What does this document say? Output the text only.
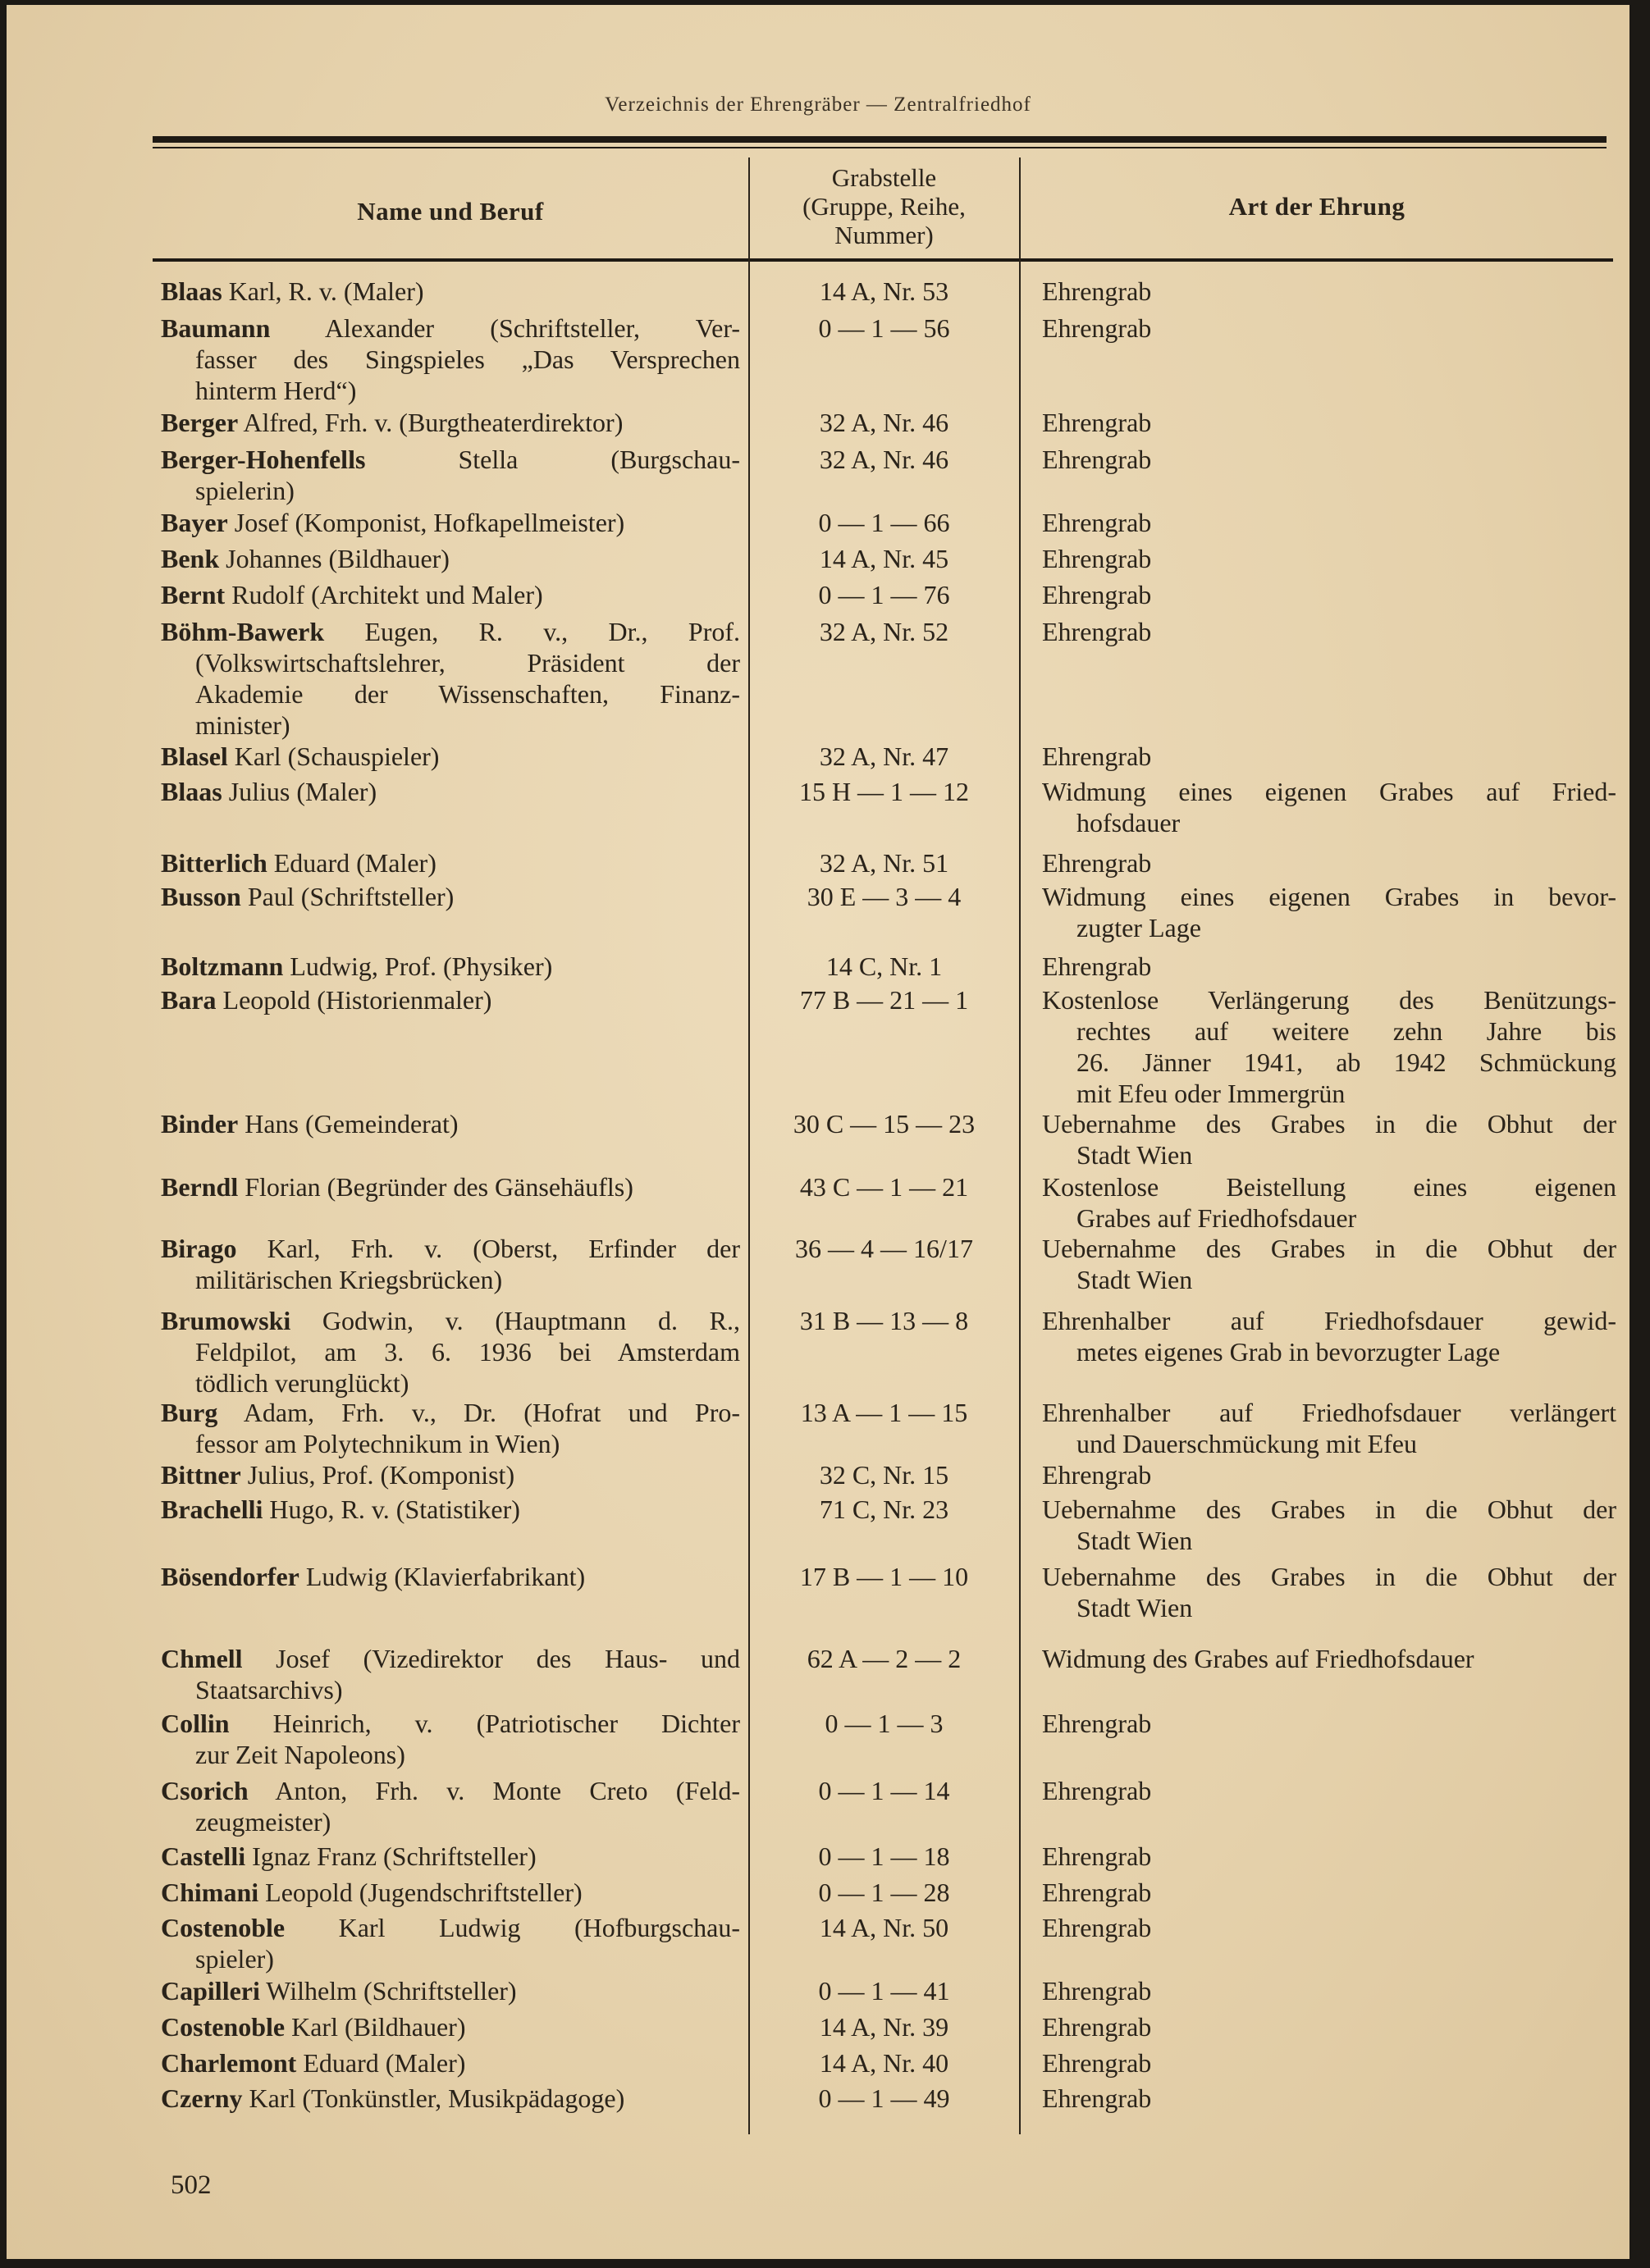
Verzeichnis der Ehrengräber — Zentralfriedhof
Name und Beruf
Grabstelle
(Gruppe, Reihe,
Nummer)
Art der Ehrung
Blaas Karl, R. v. (Maler)	14 A, Nr. 53	Ehrengrab
Baumann Alexander (Schriftsteller, Ver-
fasser des Singspieles „Das Versprechen
hinterm Herd“)
0 — 1 — 56	Ehrengrab
Berger Alfred, Frh. v. (Burgtheaterdirektor)	32 A, Nr. 46	Ehrengrab
Berger-Hohenfells Stella (Burgschau-
spielerin)
32 A, Nr. 46	Ehrengrab
Bayer Josef (Komponist, Hofkapellmeister)	0 — 1 — 66	Ehrengrab
Benk Johannes (Bildhauer)	14 A, Nr. 45	Ehrengrab
Bernt Rudolf (Architekt und Maler)	0 — 1 — 76	Ehrengrab
Böhm-Bawerk Eugen, R. v., Dr., Prof.
(Volkswirtschaftslehrer, Präsident der
Akademie der Wissenschaften, Finanz-
minister)
32 A, Nr. 52	Ehrengrab
Blasel Karl (Schauspieler)	32 A, Nr. 47	Ehrengrab
Blaas Julius (Maler)	15 H — 1 — 12	Widmung eines eigenen Grabes auf Fried-
hofsdauer
Bitterlich Eduard (Maler)	32 A, Nr. 51	Ehrengrab
Busson Paul (Schriftsteller)	30 E — 3 — 4	Widmung eines eigenen Grabes in bevor-
zugter Lage
Boltzmann Ludwig, Prof. (Physiker)	14 C, Nr. 1	Ehrengrab
Bara Leopold (Historienmaler)	77 B — 21 — 1	Kostenlose Verlängerung des Benützungs-
rechtes auf weitere zehn Jahre bis
26. Jänner 1941, ab 1942 Schmückung
mit Efeu oder Immergrün
Binder Hans (Gemeinderat)	30 C — 15 — 23	Uebernahme des Grabes in die Obhut der
Stadt Wien
Berndl Florian (Begründer des Gänsehäufls)	43 C — 1 — 21	Kostenlose Beistellung eines eigenen
Grabes auf Friedhofsdauer
Birago Karl, Frh. v. (Oberst, Erfinder der
militärischen Kriegsbrücken)
36 — 4 — 16/17	Uebernahme des Grabes in die Obhut der
Stadt Wien
Brumowski Godwin, v. (Hauptmann d. R.,
Feldpilot, am 3. 6. 1936 bei Amsterdam
tödlich verunglückt)
31 B — 13 — 8	Ehrenhalber auf Friedhofsdauer gewid-
metes eigenes Grab in bevorzugter Lage
Burg Adam, Frh. v., Dr. (Hofrat und Pro-
fessor am Polytechnikum in Wien)
13 A — 1 — 15	Ehrenhalber auf Friedhofsdauer verlängert
und Dauerschmückung mit Efeu
Bittner Julius, Prof. (Komponist)	32 C, Nr. 15	Ehrengrab
Brachelli Hugo, R. v. (Statistiker)	71 C, Nr. 23	Uebernahme des Grabes in die Obhut der
Stadt Wien
Bösendorfer Ludwig (Klavierfabrikant)	17 B — 1 — 10	Uebernahme des Grabes in die Obhut der
Stadt Wien
Chmell Josef (Vizedirektor des Haus- und
Staatsarchivs)
62 A — 2 — 2	Widmung des Grabes auf Friedhofsdauer
Collin Heinrich, v. (Patriotischer Dichter
zur Zeit Napoleons)
0 — 1 — 3	Ehrengrab
Csorich Anton, Frh. v. Monte Creto (Feld-
zeugmeister)
0 — 1 — 14	Ehrengrab
Castelli Ignaz Franz (Schriftsteller)	0 — 1 — 18	Ehrengrab
Chimani Leopold (Jugendschriftsteller)	0 — 1 — 28	Ehrengrab
Costenoble Karl Ludwig (Hofburgschau-
spieler)
14 A, Nr. 50	Ehrengrab
Capilleri Wilhelm (Schriftsteller)	0 — 1 — 41	Ehrengrab
Costenoble Karl (Bildhauer)	14 A, Nr. 39	Ehrengrab
Charlemont Eduard (Maler)	14 A, Nr. 40	Ehrengrab
Czerny Karl (Tonkünstler, Musikpädagoge)	0 — 1 — 49	Ehrengrab
502
